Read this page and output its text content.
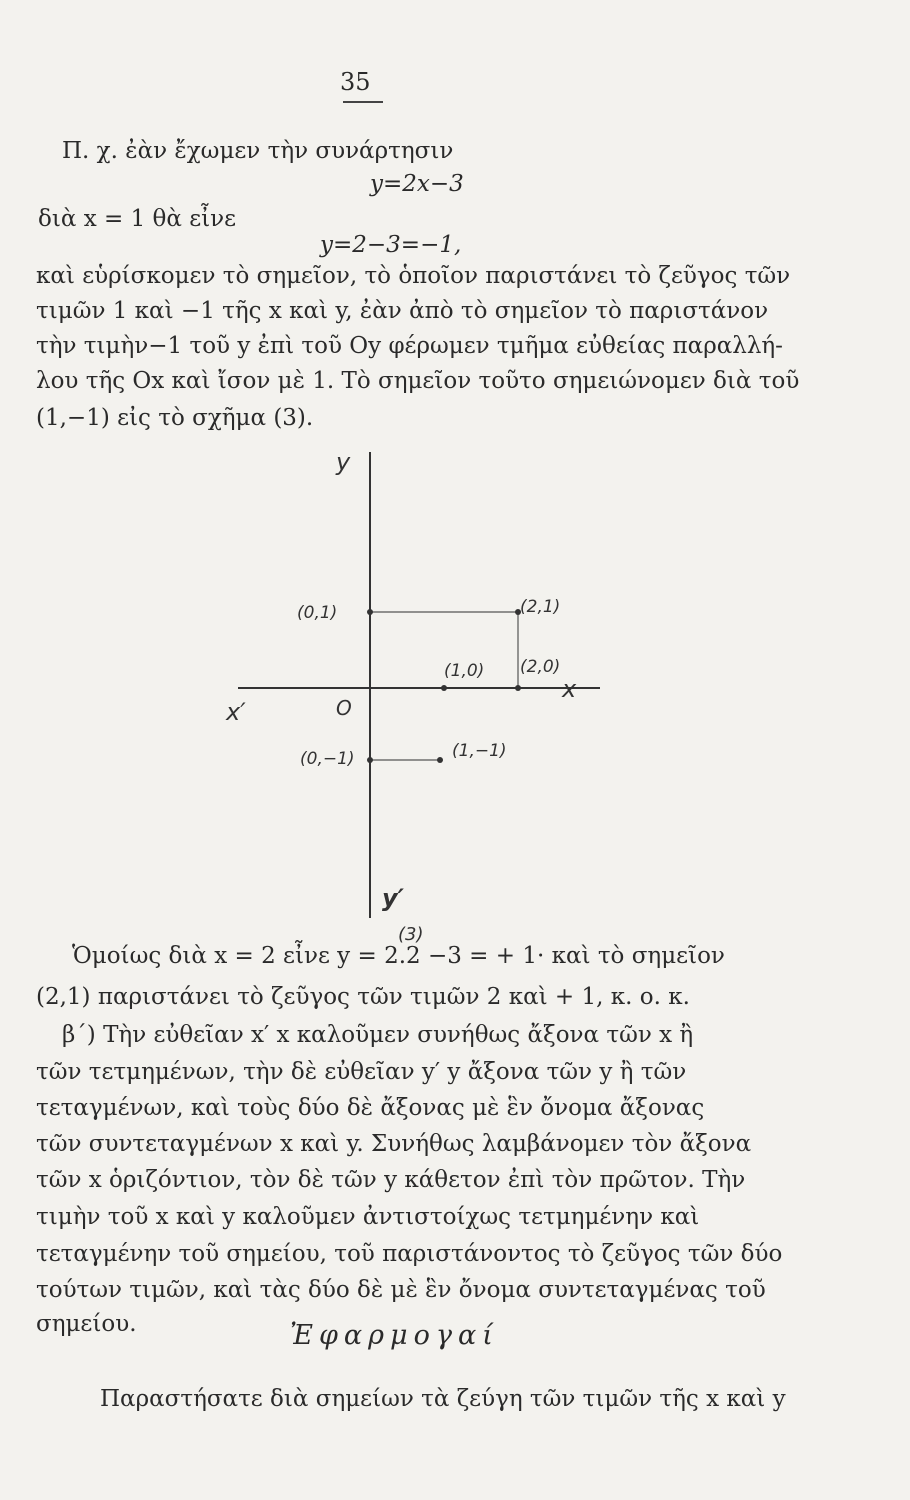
35
Π. χ. ἐὰν ἔχωμεν τὴν συνάρτησιν
y=2x−3
διὰ x = 1 θὰ εἶνε
y=2−3=−1,
καὶ εὑρίσκομεν τὸ σημεῖον, τὸ ὁποῖον παριστάνει τὸ ζεῦγος τῶν
τιμῶν 1 καὶ −1 τῆς x καὶ y, ἐὰν ἀπὸ τὸ σημεῖον τὸ παριστάνον
τὴν τιμὴν−1 τοῦ y ἐπὶ τοῦ Oy φέρωμεν τμῆμα εὐθείας παραλλή-
λου τῆς Ox καὶ ἴσον μὲ 1. Τὸ σημεῖον τοῦτο σημειώνομεν διὰ τοῦ
(1,−1) εἰς τὸ σχῆμα (3).
y
x
x′	O
y′
(0,1)	(2,1)
(1,0) (2,0)
(0,−1)	(1,−1)
(3)
Ὁμοίως διὰ x = 2 εἶνε y = 2.2 −3 = + 1· καὶ τὸ σημεῖον
(2,1) παριστάνει τὸ ζεῦγος τῶν τιμῶν 2 καὶ + 1, κ. ο. κ.
β´) Τὴν εὐθεῖαν x′ x καλοῦμεν συνήθως ἄξονα τῶν x ἢ
τῶν τετμημένων, τὴν δὲ εὐθεῖαν y′ y ἄξονα τῶν y ἢ τῶν
τεταγμένων, καὶ τοὺς δύο δὲ ἄξονας μὲ ἓν ὄνομα ἄξονας
τῶν συντεταγμένων x καὶ y. Συνήθως λαμβάνομεν τὸν ἄξονα
τῶν x ὁριζόντιον, τὸν δὲ τῶν y κάθετον ἐπὶ τὸν πρῶτον. Τὴν
τιμὴν τοῦ x καὶ y καλοῦμεν ἀντιστοίχως τετμημένην καὶ
τεταγμένην τοῦ σημείου, τοῦ παριστάνοντος τὸ ζεῦγος τῶν δύο
τούτων τιμῶν, καὶ τὰς δύο δὲ μὲ ἓν ὄνομα συντεταγμένας τοῦ
σημείου.	Ἐφαρμογαί
Παραστήσατε διὰ σημείων τὰ ζεύγη τῶν τιμῶν τῆς x καὶ y
